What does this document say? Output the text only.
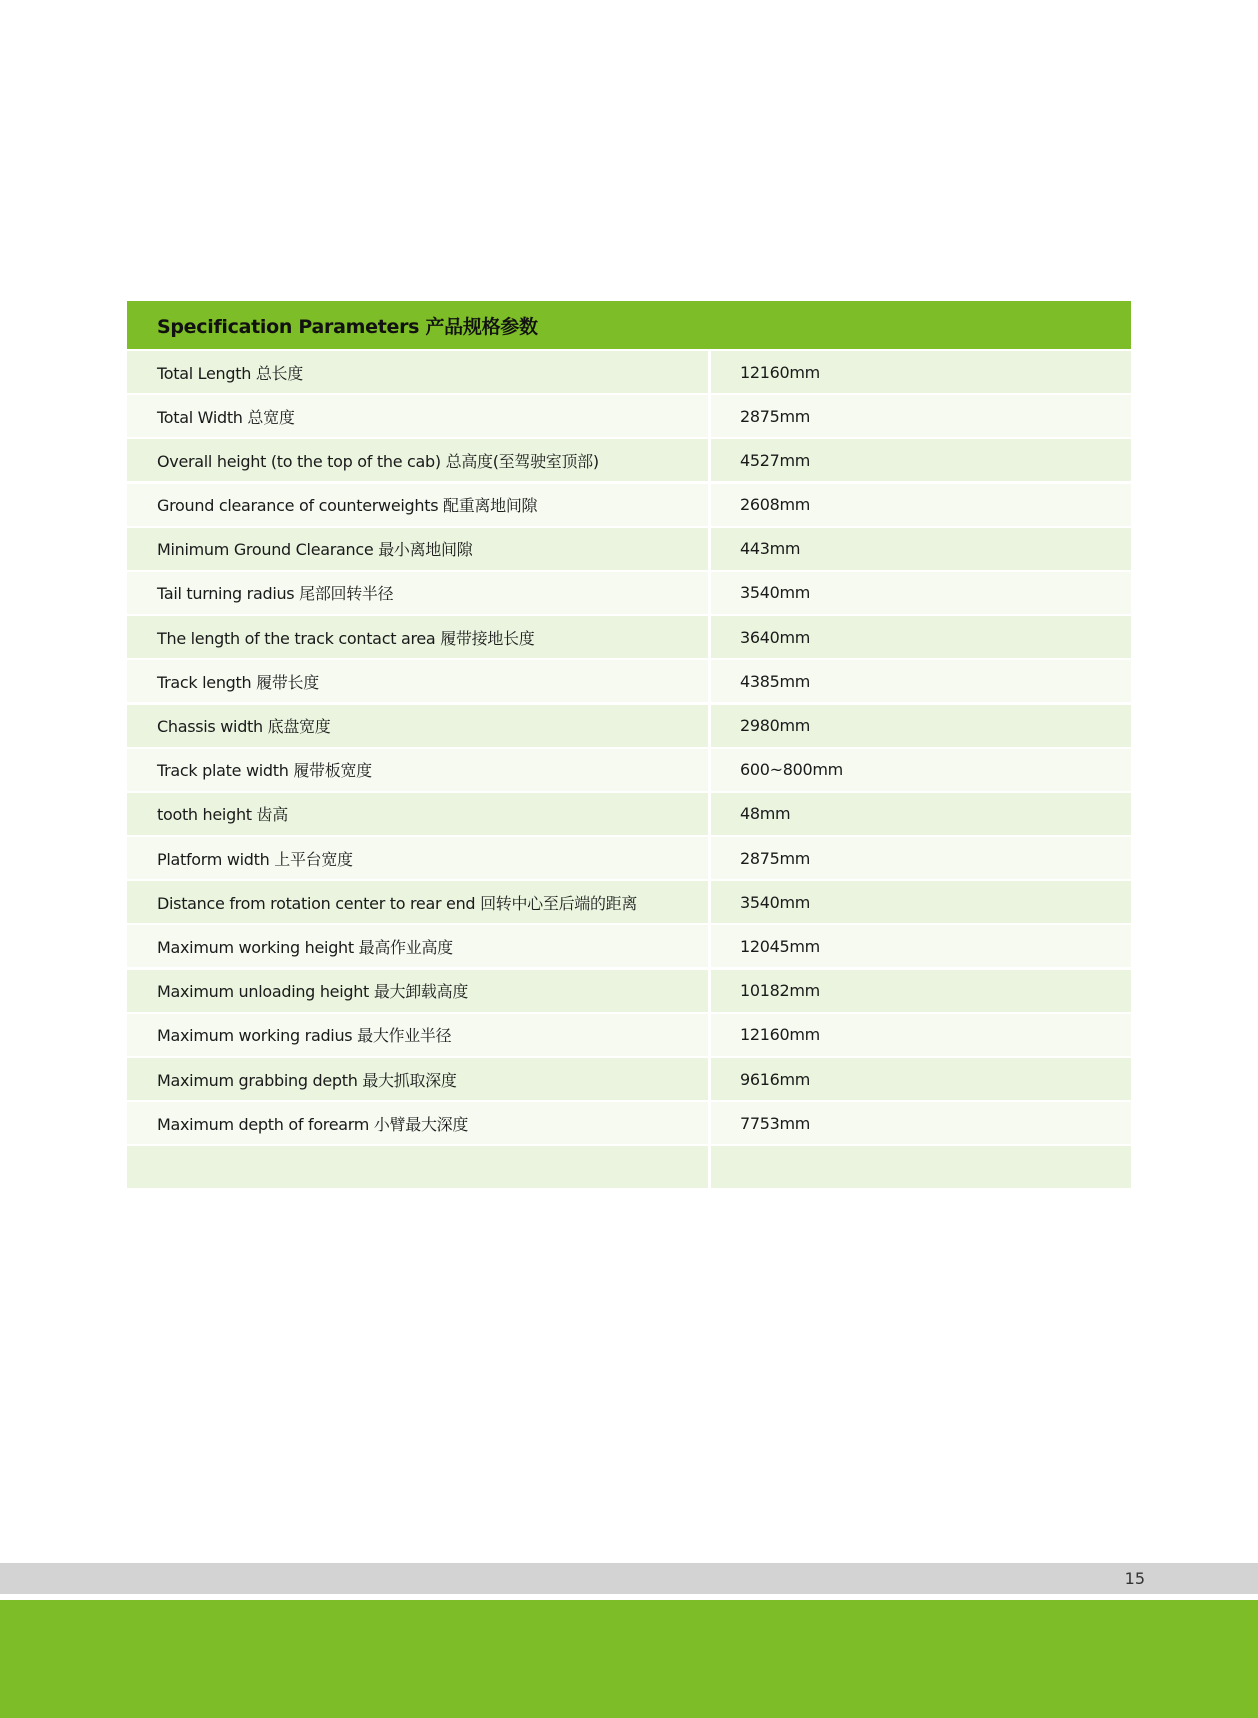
Specification Parameters 产品规格参数
Total Length 总长度	12160mm
Total Width 总宽度	2875mm
Overall height (to the top of the cab) 总高度(至驾驶室顶部)	4527mm
Ground clearance of counterweights 配重离地间隙	2608mm
Minimum Ground Clearance 最小离地间隙	443mm
Tail turning radius 尾部回转半径	3540mm
The length of the track contact area 履带接地长度	3640mm
Track length 履带长度	4385mm
Chassis width 底盘宽度	2980mm
Track plate width 履带板宽度	600~800mm
tooth height 齿高	48mm
Platform width 上平台宽度	2875mm
Distance from rotation center to rear end 回转中心至后端的距离	3540mm
Maximum working height 最高作业高度	12045mm
Maximum unloading height 最大卸载高度	10182mm
Maximum working radius 最大作业半径	12160mm
Maximum grabbing depth 最大抓取深度	9616mm
Maximum depth of forearm 小臂最大深度	7753mm
15
